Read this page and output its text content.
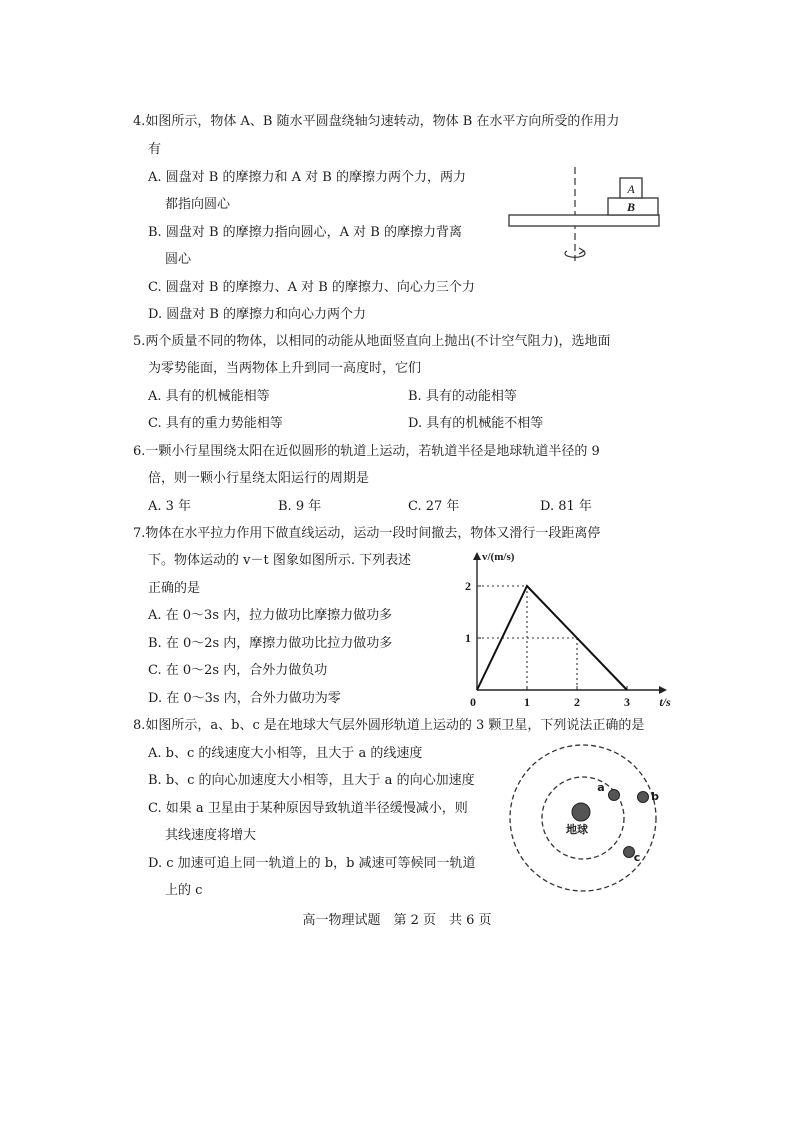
4.如图所示，物体 A、B 随水平圆盘绕轴匀速转动，物体 B 在水平方向所受的作用力
有
A. 圆盘对 B 的摩擦力和 A 对 B 的摩擦力两个力，两力
都指向圆心
B. 圆盘对 B 的摩擦力指向圆心，A 对 B 的摩擦力背离
圆心
C. 圆盘对 B 的摩擦力、A 对 B 的摩擦力、向心力三个力
D. 圆盘对 B 的摩擦力和向心力两个力
A
B
5.两个质量不同的物体，以相同的动能从地面竖直向上抛出(不计空气阻力)，选地面
为零势能面，当两物体上升到同一高度时，它们
A. 具有的机械能相等	B. 具有的动能相等
C. 具有的重力势能相等	D. 具有的机械能不相等
6.一颗小行星围绕太阳在近似圆形的轨道上运动，若轨道半径是地球轨道半径的 9
倍，则一颗小行星绕太阳运行的周期是
A. 3 年	B. 9 年	C. 27 年	D. 81 年
7.物体在水平拉力作用下做直线运动，运动一段时间撤去，物体又滑行一段距离停
下。物体运动的 v－t 图象如图所示. 下列表述
正确的是
A. 在 0～3s 内，拉力做功比摩擦力做功多
B. 在 0～2s 内，摩擦力做功比拉力做功多
C. 在 0～2s 内，合外力做负功
D. 在 0～3s 内，合外力做功为零	1	2	3
1
2
0	t/s
v/(m/s)
8.如图所示，a、b、c 是在地球大气层外圆形轨道上运动的 3 颗卫星，下列说法正确的是
A. b、c 的线速度大小相等，且大于 a 的线速度
B. b、c 的向心加速度大小相等，且大于 a 的向心加速度
C. 如果 a 卫星由于某种原因导致轨道半径缓慢减小，则
其线速度将增大
D. c 加速可追上同一轨道上的 b，b 减速可等候同一轨道
上的 c
地球
a
b
c
高一物理试题　第 2 页　共 6 页
